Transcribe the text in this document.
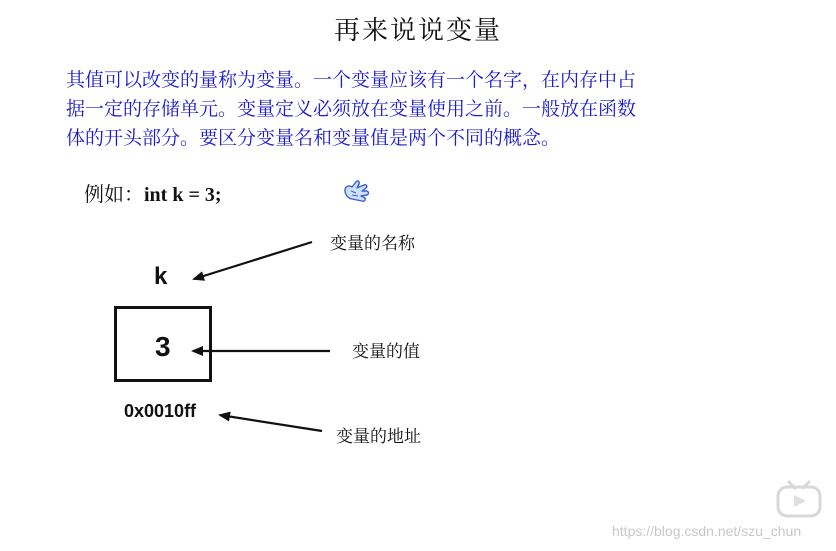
再来说说变量

其值可以改变的量称为变量。一个变量应该有一个名字，在内存中占
据一定的存储单元。变量定义必须放在变量使用之前。一般放在函数
体的开头部分。要区分变量名和变量值是两个不同的概念。

例如：int k = 3;
k
3
0x0010ff
变量的名称
变量的值
变量的地址
https://blog.csdn.net/szu_chun
